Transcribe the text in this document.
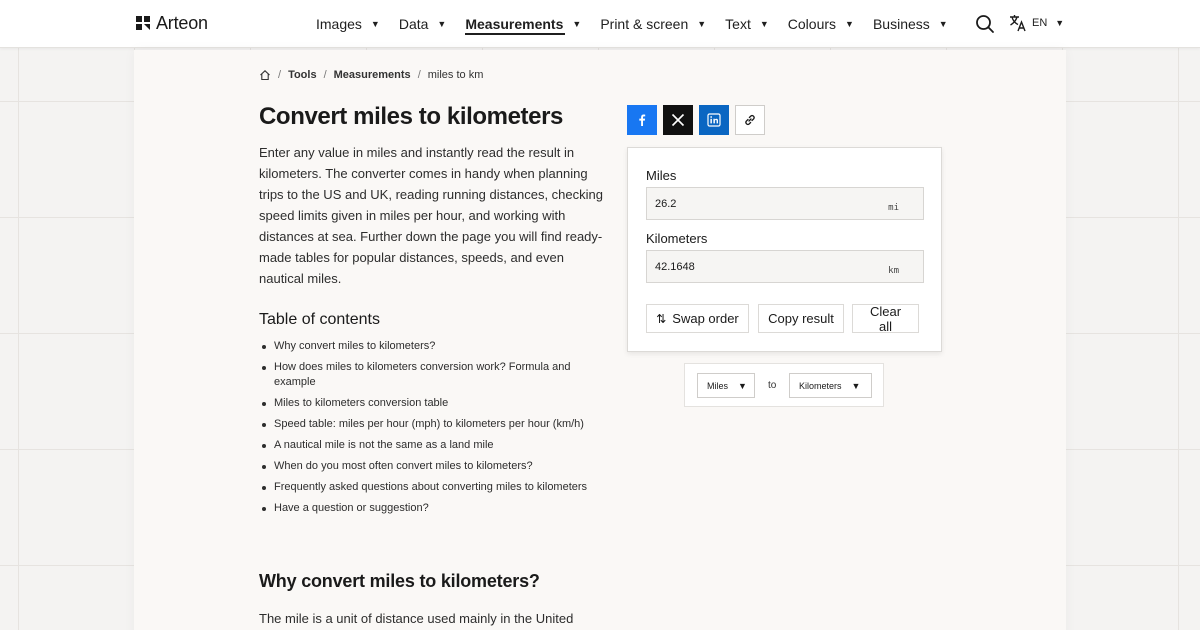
Arteon	Images ▼ Data ▼ Measurements ▼ Print & screen ▼ Text ▼ Colours ▼ Business ▼	EN ▼
/ Tools / Measurements / miles to km
Convert miles to kilometers

Enter any value in miles and instantly read the result in kilometers. The converter comes in handy when planning trips to the US and UK, reading running distances, checking speed limits given in miles per hour, and working with distances at sea. Further down the page you will find ready-made tables for popular distances, speeds, and even nautical miles.

Table of contents
Why convert miles to kilometers?
How does miles to kilometers conversion work? Formula and example
Miles to kilometers conversion table
Speed table: miles per hour (mph) to kilometers per hour (km/h)
A nautical mile is not the same as a land mile
When do you most often convert miles to kilometers?
Frequently asked questions about converting miles to kilometers
Have a question or suggestion?
Why convert miles to kilometers?

The mile is a unit of distance used mainly in the United

Miles
26.2
mi
Kilometers
42.1648
km
⇅ Swap order Copy result	Clear all
Miles ▼ to	Kilometers ▼
